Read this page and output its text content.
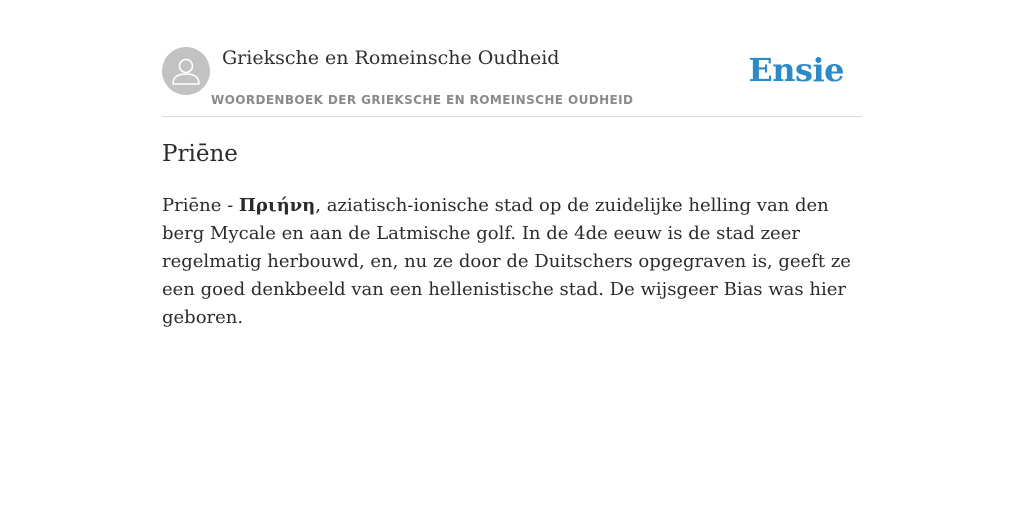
Grieksche en Romeinsche Oudheid
WOORDENBOEK DER GRIEKSCHE EN ROMEINSCHE OUDHEID
Ensie
Priēne

Priēne - Πριήνη, aziatisch-ionische stad op de zuidelijke helling van den berg Mycale en aan de Latmische golf. In de 4de eeuw is de stad zeer regelmatig herbouwd, en, nu ze door de Duitschers opgegraven is, geeft ze een goed denkbeeld van een hellenistische stad. De wijsgeer Bias was hier geboren.
